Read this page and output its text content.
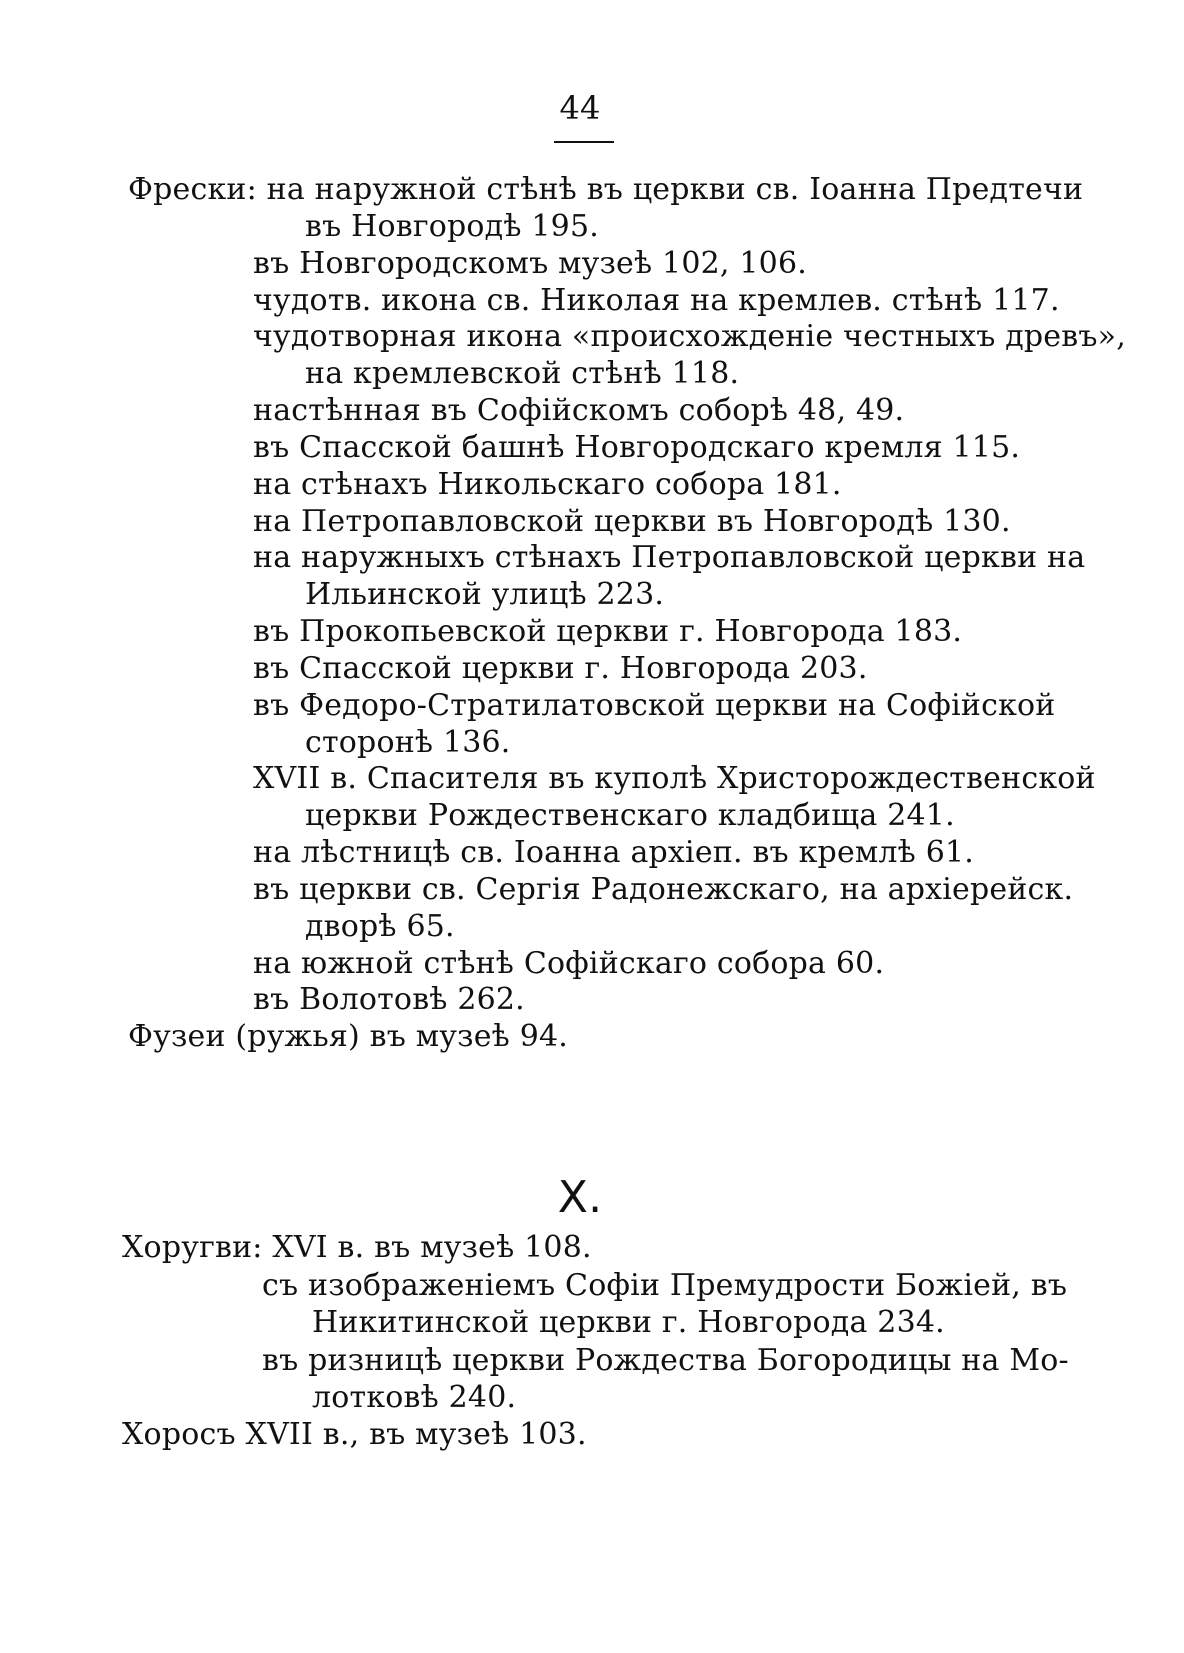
44
Фрески: на наружной стѣнѣ въ церкви св. Іоанна Предтечи
въ Новгородѣ 195.
въ Новгородскомъ музеѣ 102, 106.
чудотв. икона св. Николая на кремлев. стѣнѣ 117.
чудотворная икона «происхожденіе честныхъ древъ»,
на кремлевской стѣнѣ 118.
настѣнная въ Софійскомъ соборѣ 48, 49.
въ Спасской башнѣ Новгородскаго кремля 115.
на стѣнахъ Никольскаго собора 181.
на Петропавловской церкви въ Новгородѣ 130.
на наружныхъ стѣнахъ Петропавловской церкви на
Ильинской улицѣ 223.
въ Прокопьевской церкви г. Новгорода 183.
въ Спасской церкви г. Новгорода 203.
въ Федоро-Стратилатовской церкви на Софійской
сторонѣ 136.
XVII в. Спасителя въ куполѣ Христорождественской
церкви Рождественскаго кладбища 241.
на лѣстницѣ св. Іоанна архіеп. въ кремлѣ 61.
въ церкви св. Сергія Радонежскаго, на архіерейск.
дворѣ 65.
на южной стѣнѣ Софійскаго собора 60.
въ Волотовѣ 262.
Фузеи (ружья) въ музеѣ 94.
Х.
Хоругви: XVI в. въ музеѣ 108.
съ изображеніемъ Софіи Премудрости Божіей, въ
Никитинской церкви г. Новгорода 234.
въ ризницѣ церкви Рождества Богородицы на Мо-
лотковѣ 240.
Хоросъ XVII в., въ музеѣ 103.
